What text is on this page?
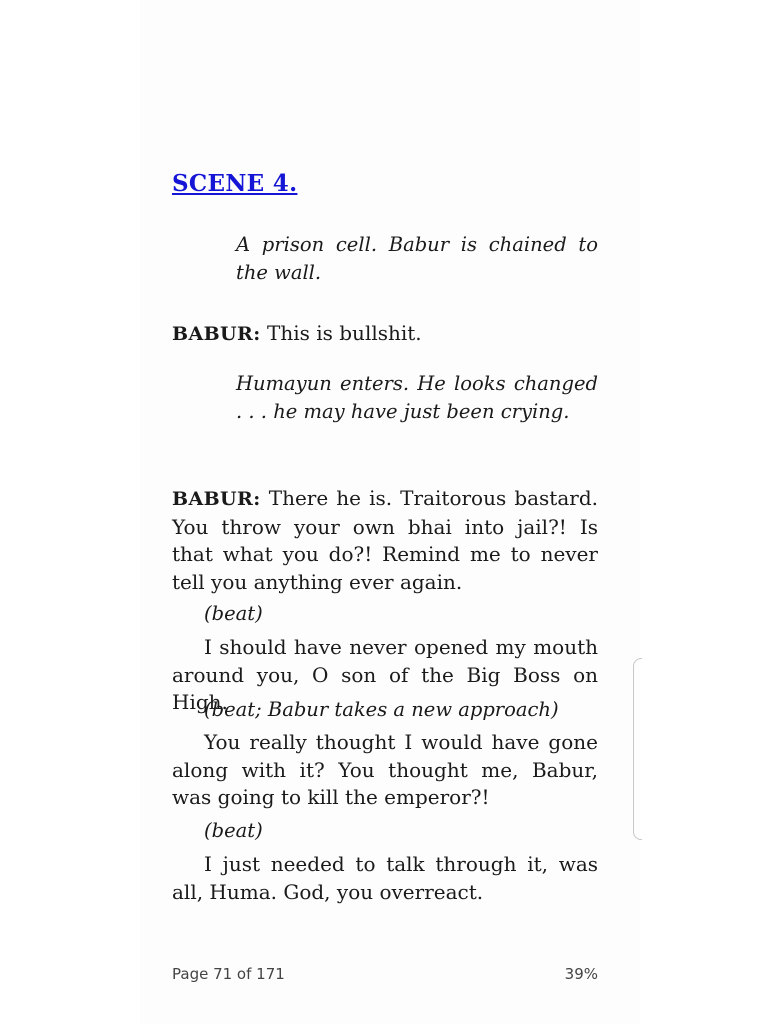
SCENE 4.
A prison cell. Babur is chained to the wall.
BABUR: This is bullshit.
Humayun enters. He looks changed . . . he may have just been crying.
BABUR: There he is. Traitorous bastard. You throw your own bhai into jail?! Is that what you do?! Remind me to never tell you anything ever again.
(beat)
I should have never opened my mouth around you, O son of the Big Boss on High.
(beat; Babur takes a new approach)
You really thought I would have gone along with it? You thought me, Babur, was going to kill the emperor?!
(beat)
I just needed to talk through it, was all, Huma. God, you overreact.
Page 71 of 171	39%
